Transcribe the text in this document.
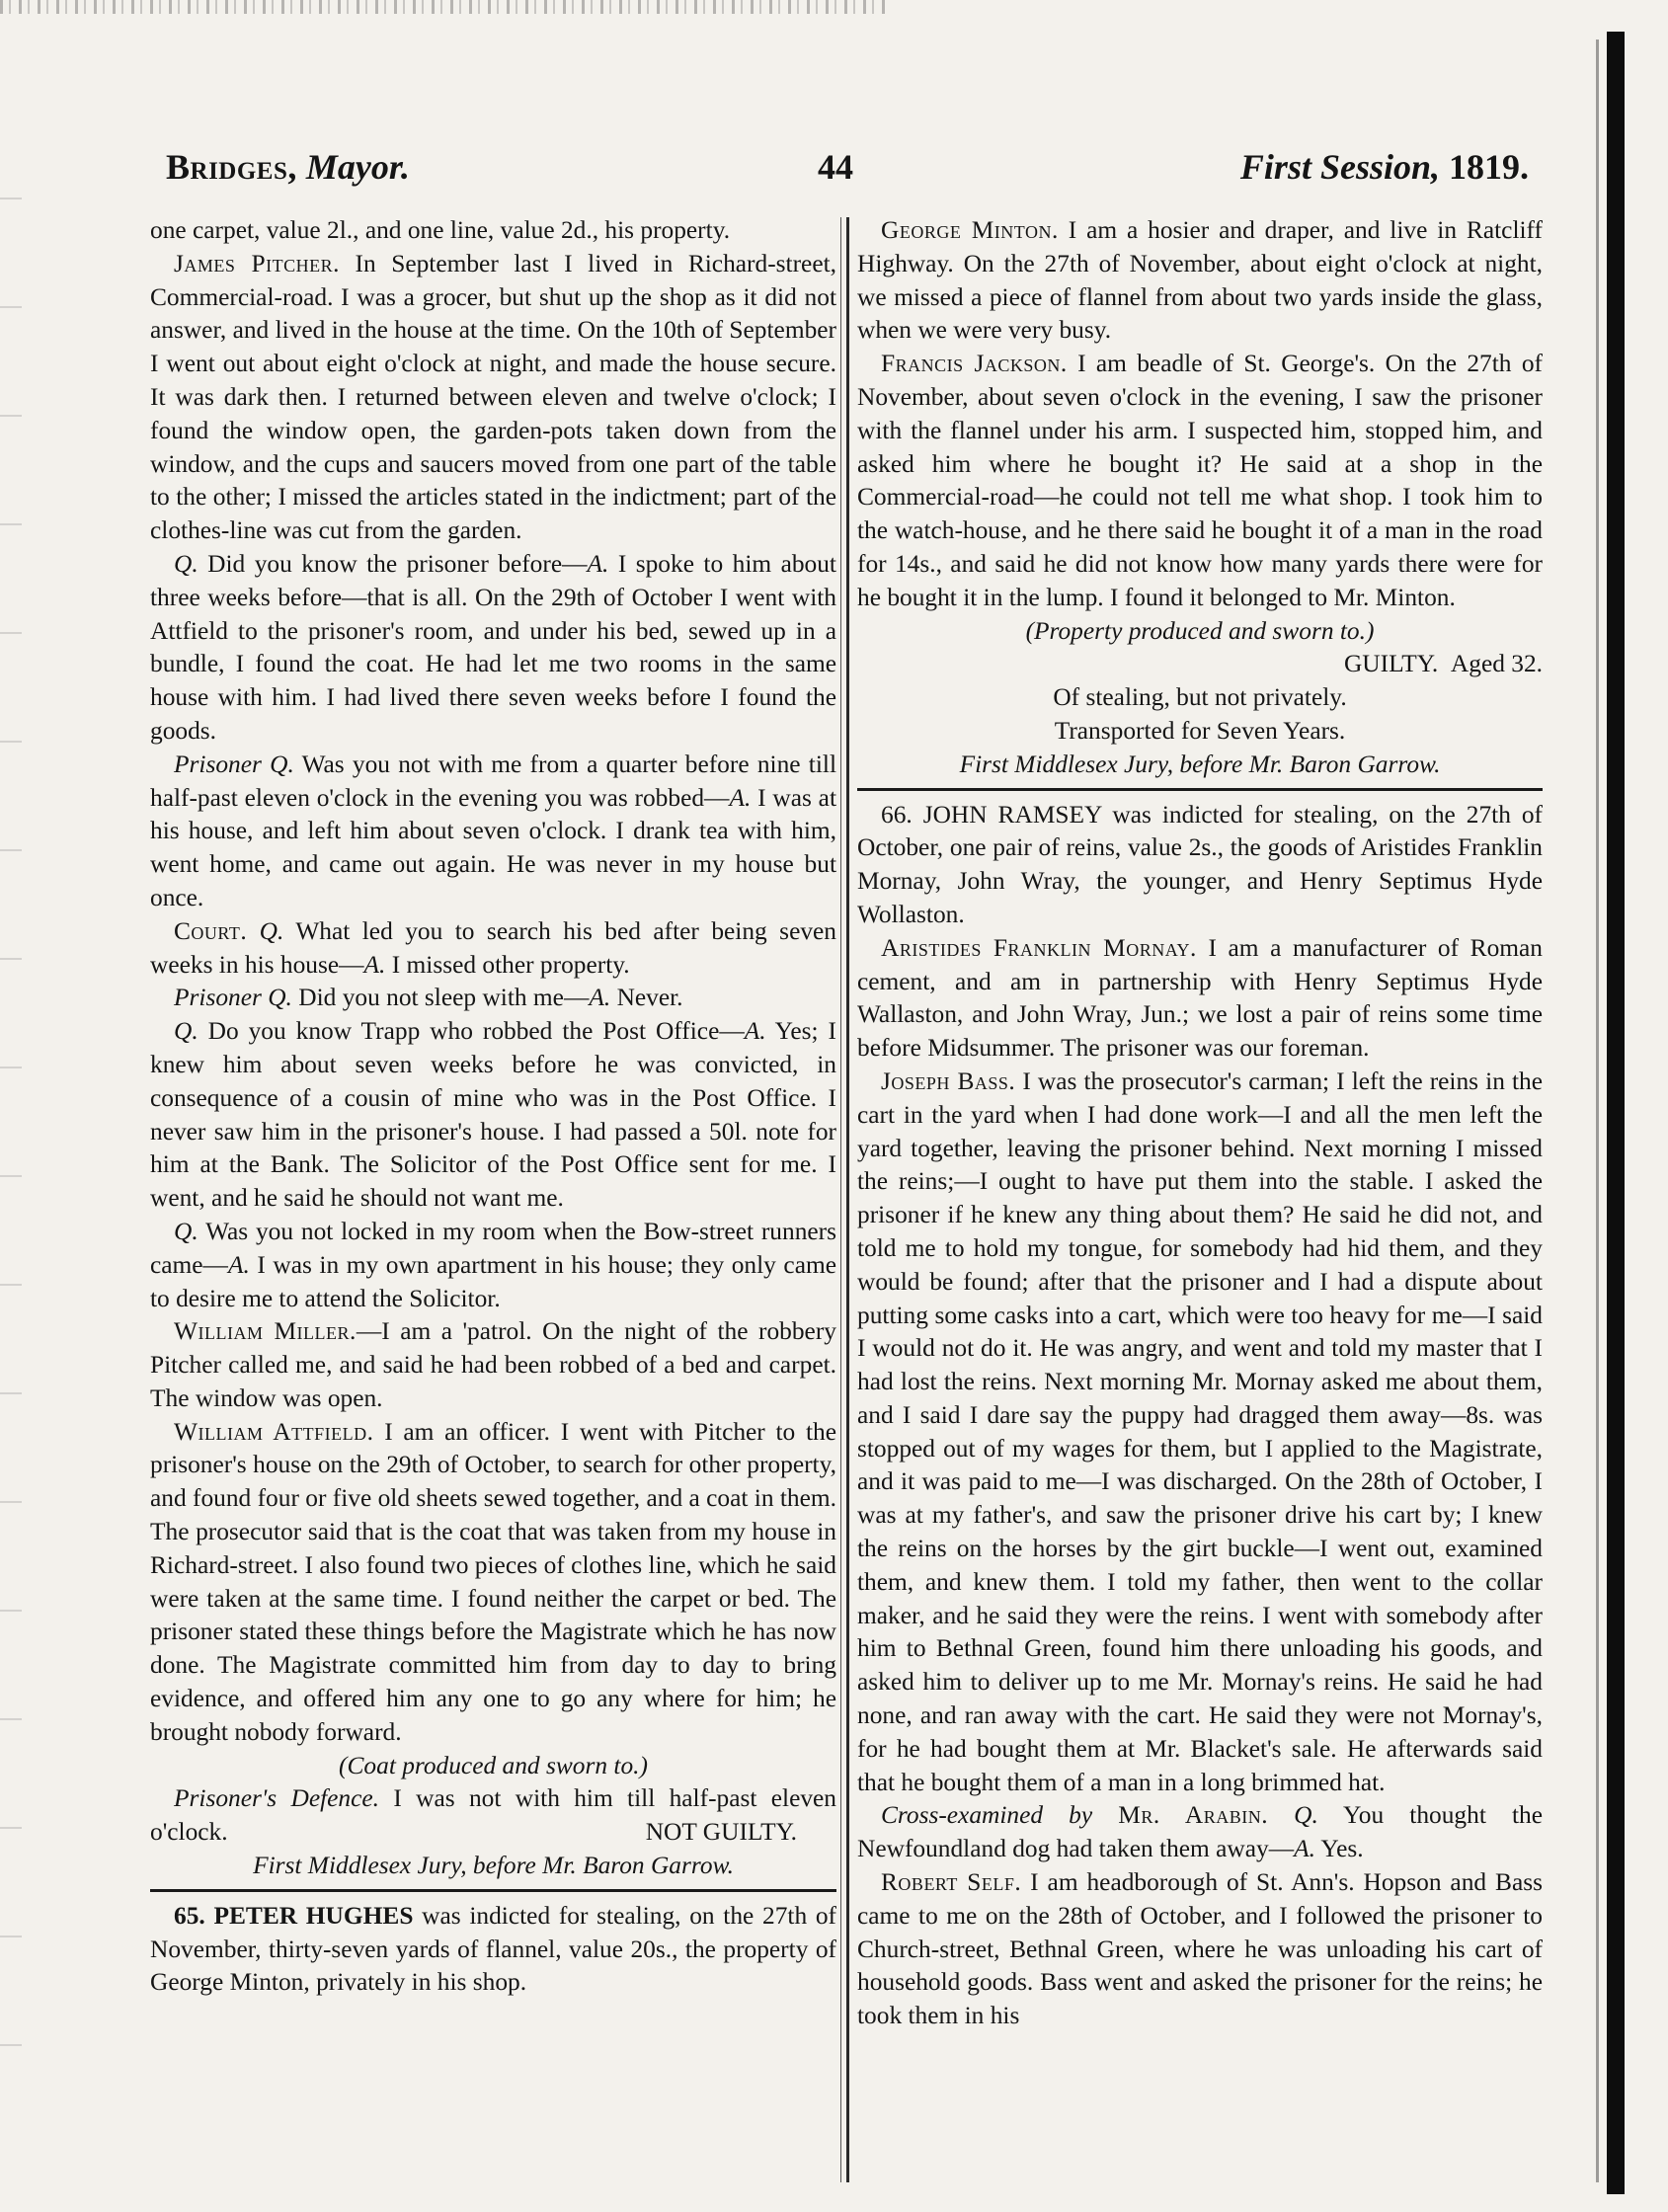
Bridges, Mayor.	44	First Session, 1819.

one carpet, value 2l., and one line, value 2d., his property.

James Pitcher. In September last I lived in Richard-street, Commercial-road. I was a grocer, but shut up the shop as it did not answer, and lived in the house at the time. On the 10th of September I went out about eight o'clock at night, and made the house secure. It was dark then. I returned between eleven and twelve o'clock; I found the window open, the garden-pots taken down from the window, and the cups and saucers moved from one part of the table to the other; I missed the articles stated in the indictment; part of the clothes-line was cut from the garden.

Q. Did you know the prisoner before—A. I spoke to him about three weeks before—that is all. On the 29th of October I went with Attfield to the prisoner's room, and under his bed, sewed up in a bundle, I found the coat. He had let me two rooms in the same house with him. I had lived there seven weeks before I found the goods.

Prisoner Q. Was you not with me from a quarter before nine till half-past eleven o'clock in the evening you was robbed—A. I was at his house, and left him about seven o'clock. I drank tea with him, went home, and came out again. He was never in my house but once.

Court. Q. What led you to search his bed after being seven weeks in his house—A. I missed other property.

Prisoner Q. Did you not sleep with me—A. Never.

Q. Do you know Trapp who robbed the Post Office—A. Yes; I knew him about seven weeks before he was convicted, in consequence of a cousin of mine who was in the Post Office. I never saw him in the prisoner's house. I had passed a 50l. note for him at the Bank. The Solicitor of the Post Office sent for me. I went, and he said he should not want me.

Q. Was you not locked in my room when the Bow-street runners came—A. I was in my own apartment in his house; they only came to desire me to attend the Solicitor.

William Miller.—I am a 'patrol. On the night of the robbery Pitcher called me, and said he had been robbed of a bed and carpet. The window was open.

William Attfield. I am an officer. I went with Pitcher to the prisoner's house on the 29th of October, to search for other property, and found four or five old sheets sewed together, and a coat in them. The prosecutor said that is the coat that was taken from my house in Richard-street. I also found two pieces of clothes line, which he said were taken at the same time. I found neither the carpet or bed. The prisoner stated these things before the Magistrate which he has now done. The Magistrate committed him from day to day to bring evidence, and offered him any one to go any where for him; he brought nobody forward.

(Coat produced and sworn to.)

Prisoner's Defence. I was not with him till half-past eleven o'clock.	NOT GUILTY.

First Middlesex Jury, before Mr. Baron Garrow.

65. PETER HUGHES was indicted for stealing, on the 27th of November, thirty-seven yards of flannel, value 20s., the property of George Minton, privately in his shop.

George Minton. I am a hosier and draper, and live in Ratcliff Highway. On the 27th of November, about eight o'clock at night, we missed a piece of flannel from about two yards inside the glass, when we were very busy.

Francis Jackson. I am beadle of St. George's. On the 27th of November, about seven o'clock in the evening, I saw the prisoner with the flannel under his arm. I suspected him, stopped him, and asked him where he bought it? He said at a shop in the Commercial-road—he could not tell me what shop. I took him to the watch-house, and he there said he bought it of a man in the road for 14s., and said he did not know how many yards there were for he bought it in the lump. I found it belonged to Mr. Minton.

(Property produced and sworn to.)

GUILTY. Aged 32.

Of stealing, but not privately.

Transported for Seven Years.

First Middlesex Jury, before Mr. Baron Garrow.

66. JOHN RAMSEY was indicted for stealing, on the 27th of October, one pair of reins, value 2s., the goods of Aristides Franklin Mornay, John Wray, the younger, and Henry Septimus Hyde Wollaston.

Aristides Franklin Mornay. I am a manufacturer of Roman cement, and am in partnership with Henry Septimus Hyde Wallaston, and John Wray, Jun.; we lost a pair of reins some time before Midsummer. The prisoner was our foreman.

Joseph Bass. I was the prosecutor's carman; I left the reins in the cart in the yard when I had done work—I and all the men left the yard together, leaving the prisoner behind. Next morning I missed the reins;—I ought to have put them into the stable. I asked the prisoner if he knew any thing about them? He said he did not, and told me to hold my tongue, for somebody had hid them, and they would be found; after that the prisoner and I had a dispute about putting some casks into a cart, which were too heavy for me—I said I would not do it. He was angry, and went and told my master that I had lost the reins. Next morning Mr. Mornay asked me about them, and I said I dare say the puppy had dragged them away—8s. was stopped out of my wages for them, but I applied to the Magistrate, and it was paid to me—I was discharged. On the 28th of October, I was at my father's, and saw the prisoner drive his cart by; I knew the reins on the horses by the girt buckle—I went out, examined them, and knew them. I told my father, then went to the collar maker, and he said they were the reins. I went with somebody after him to Bethnal Green, found him there unloading his goods, and asked him to deliver up to me Mr. Mornay's reins. He said he had none, and ran away with the cart. He said they were not Mornay's, for he had bought them at Mr. Blacket's sale. He afterwards said that he bought them of a man in a long brimmed hat.

Cross-examined by Mr. Arabin. Q. You thought the Newfoundland dog had taken them away—A. Yes.

Robert Self. I am headborough of St. Ann's. Hopson and Bass came to me on the 28th of October, and I followed the prisoner to Church-street, Bethnal Green, where he was unloading his cart of household goods. Bass went and asked the prisoner for the reins; he took them in his
